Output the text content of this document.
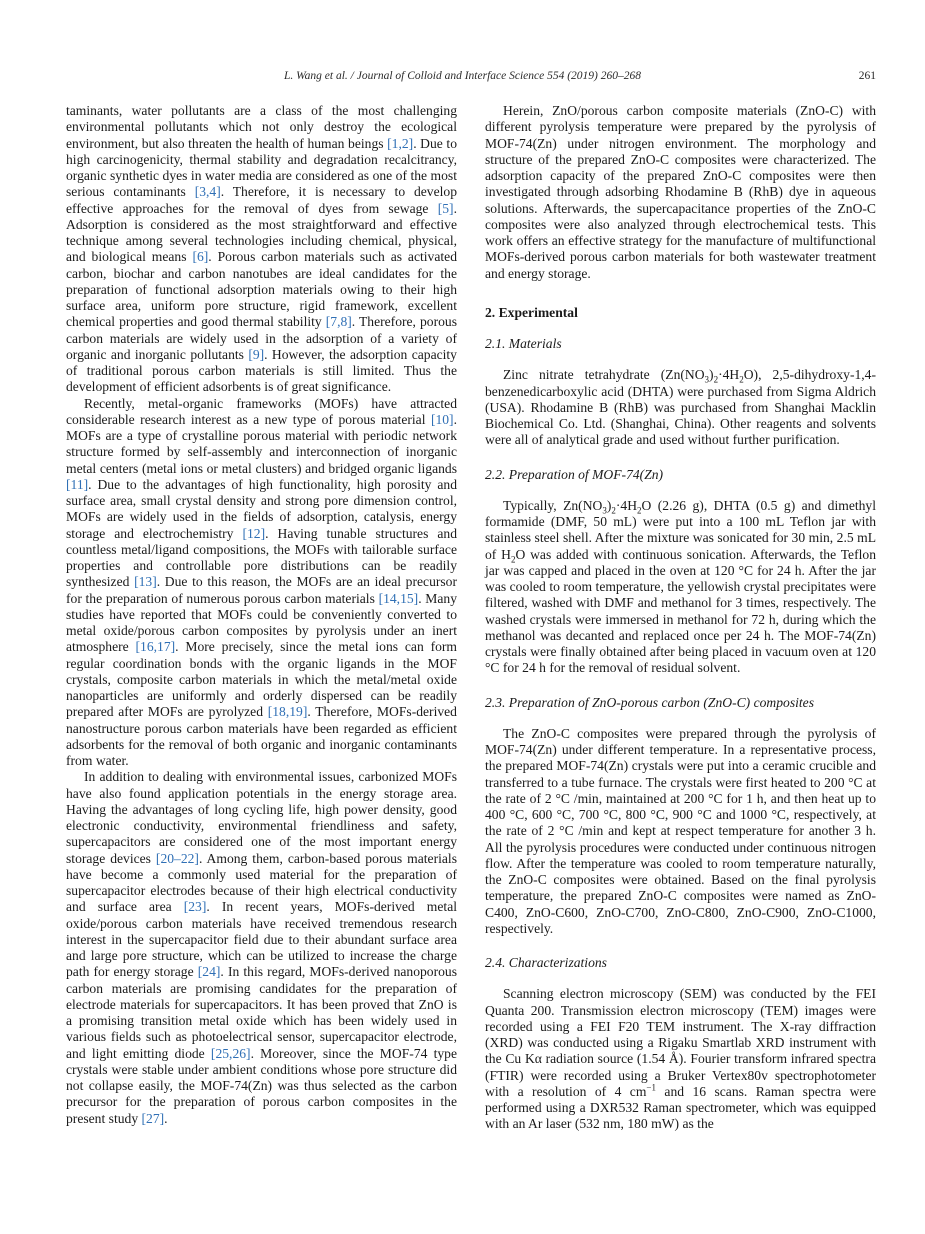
L. Wang et al. / Journal of Colloid and Interface Science 554 (2019) 260–268	261

taminants, water pollutants are a class of the most challenging environmental pollutants which not only destroy the ecological environment, but also threaten the health of human beings [1,2]. Due to high carcinogenicity, thermal stability and degradation recalcitrancy, organic synthetic dyes in water media are considered as one of the most serious contaminants [3,4]. Therefore, it is necessary to develop effective approaches for the removal of dyes from sewage [5]. Adsorption is considered as the most straightforward and effective technique among several technologies including chemical, physical, and biological means [6]. Porous carbon materials such as activated carbon, biochar and carbon nanotubes are ideal candidates for the preparation of functional adsorption materials owing to their high surface area, uniform pore structure, rigid framework, excellent chemical properties and good thermal stability [7,8]. Therefore, porous carbon materials are widely used in the adsorption of a variety of organic and inorganic pollutants [9]. However, the adsorption capacity of traditional porous carbon materials is still limited. Thus the development of efficient adsorbents is of great significance.

Recently, metal-organic frameworks (MOFs) have attracted considerable research interest as a new type of porous material [10]. MOFs are a type of crystalline porous material with periodic network structure formed by self-assembly and interconnection of inorganic metal centers (metal ions or metal clusters) and bridged organic ligands [11]. Due to the advantages of high functionality, high porosity and surface area, small crystal density and strong pore dimension control, MOFs are widely used in the fields of adsorption, catalysis, energy storage and electrochemistry [12]. Having tunable structures and countless metal/ligand compositions, the MOFs with tailorable surface properties and controllable pore distributions can be readily synthesized [13]. Due to this reason, the MOFs are an ideal precursor for the preparation of numerous porous carbon materials [14,15]. Many studies have reported that MOFs could be conveniently converted to metal oxide/porous carbon composites by pyrolysis under an inert atmosphere [16,17]. More precisely, since the metal ions can form regular coordination bonds with the organic ligands in the MOF crystals, composite carbon materials in which the metal/metal oxide nanoparticles are uniformly and orderly dispersed can be readily prepared after MOFs are pyrolyzed [18,19]. Therefore, MOFs-derived nanostructure porous carbon materials have been regarded as efficient adsorbents for the removal of both organic and inorganic contaminants from water.

In addition to dealing with environmental issues, carbonized MOFs have also found application potentials in the energy storage area. Having the advantages of long cycling life, high power density, good electronic conductivity, environmental friendliness and safety, supercapacitors are considered one of the most important energy storage devices [20–22]. Among them, carbon-based porous materials have become a commonly used material for the preparation of supercapacitor electrodes because of their high electrical conductivity and surface area [23]. In recent years, MOFs-derived metal oxide/porous carbon materials have received tremendous research interest in the supercapacitor field due to their abundant surface area and large pore structure, which can be utilized to increase the charge path for energy storage [24]. In this regard, MOFs-derived nanoporous carbon materials are promising candidates for the preparation of electrode materials for supercapacitors. It has been proved that ZnO is a promising transition metal oxide which has been widely used in various fields such as photoelectrical sensor, supercapacitor electrode, and light emitting diode [25,26]. Moreover, since the MOF-74 type crystals were stable under ambient conditions whose pore structure did not collapse easily, the MOF-74(Zn) was thus selected as the carbon precursor for the preparation of porous carbon composites in the present study [27].

Herein, ZnO/porous carbon composite materials (ZnO-C) with different pyrolysis temperature were prepared by the pyrolysis of MOF-74(Zn) under nitrogen environment. The morphology and structure of the prepared ZnO-C composites were characterized. The adsorption capacity of the prepared ZnO-C composites were then investigated through adsorbing Rhodamine B (RhB) dye in aqueous solutions. Afterwards, the supercapacitance properties of the ZnO-C composites were also analyzed through electrochemical tests. This work offers an effective strategy for the manufacture of multifunctional MOFs-derived porous carbon materials for both wastewater treatment and energy storage.

2. Experimental

2.1. Materials

Zinc nitrate tetrahydrate $(Zn(NO_3)_2\cdot 4H_2O)$, 2,5-dihydroxy-1,4-benzenedicarboxylic acid (DHTA) were purchased from Sigma Aldrich (USA). Rhodamine B (RhB) was purchased from Shanghai Macklin Biochemical Co. Ltd. (Shanghai, China). Other reagents and solvents were all of analytical grade and used without further purification.

2.2. Preparation of MOF-74(Zn)

Typically, $Zn(NO_3)_2\cdot 4H_2O$ (2.26 g), DHTA (0.5 g) and dimethyl formamide (DMF, 50 mL) were put into a 100 mL Teflon jar with stainless steel shell. After the mixture was sonicated for 30 min, 2.5 mL of $H_2O$ was added with continuous sonication. Afterwards, the Teflon jar was capped and placed in the oven at 120 °C for 24 h. After the jar was cooled to room temperature, the yellowish crystal precipitates were filtered, washed with DMF and methanol for 3 times, respectively. The washed crystals were immersed in methanol for 72 h, during which the methanol was decanted and replaced once per 24 h. The MOF-74(Zn) crystals were finally obtained after being placed in vacuum oven at 120 °C for 24 h for the removal of residual solvent.

2.3. Preparation of ZnO-porous carbon (ZnO-C) composites

The ZnO-C composites were prepared through the pyrolysis of MOF-74(Zn) under different temperature. In a representative process, the prepared MOF-74(Zn) crystals were put into a ceramic crucible and transferred to a tube furnace. The crystals were first heated to 200 °C at the rate of 2 °C /min, maintained at 200 °C for 1 h, and then heat up to 400 °C, 600 °C, 700 °C, 800 °C, 900 °C and 1000 °C, respectively, at the rate of 2 °C /min and kept at respect temperature for another 3 h. All the pyrolysis procedures were conducted under continuous nitrogen flow. After the temperature was cooled to room temperature naturally, the ZnO-C composites were obtained. Based on the final pyrolysis temperature, the prepared ZnO-C composites were named as ZnO-C400, ZnO-C600, ZnO-C700, ZnO-C800, ZnO-C900, ZnO-C1000, respectively.

2.4. Characterizations

Scanning electron microscopy (SEM) was conducted by the FEI Quanta 200. Transmission electron microscopy (TEM) images were recorded using a FEI F20 TEM instrument. The X-ray diffraction (XRD) was conducted using a Rigaku Smartlab XRD instrument with the Cu Kα radiation source (1.54 Å). Fourier transform infrared spectra (FTIR) were recorded using a Bruker Vertex80v spectrophotometer with a resolution of 4 $cm^{-1}$ and 16 scans. Raman spectra were performed using a DXR532 Raman spectrometer, which was equipped with an Ar laser (532 nm, 180 mW) as the
